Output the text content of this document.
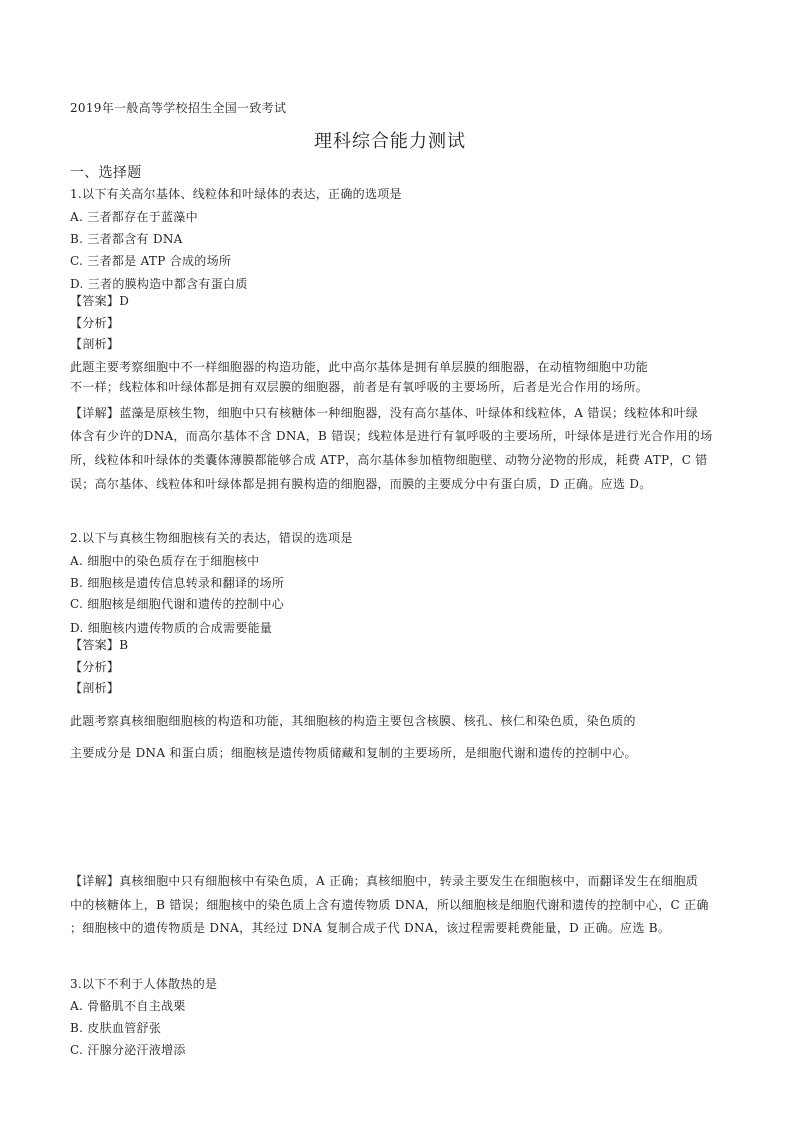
2019年一般高等学校招生全国一致考试
理科综合能力测试
一、选择题
1.以下有关高尔基体、线粒体和叶绿体的表达，正确的选项是
A. 三者都存在于蓝藻中
B. 三者都含有 DNA
C. 三者都是 ATP 合成的场所
D. 三者的膜构造中都含有蛋白质
【答案】D
【分析】
【剖析】
此题主要考察细胞中不一样细胞器的构造功能，此中高尔基体是拥有单层膜的细胞器，在动植物细胞中功能
不一样；线粒体和叶绿体都是拥有双层膜的细胞器，前者是有氧呼吸的主要场所，后者是光合作用的场所。
【详解】蓝藻是原核生物，细胞中只有核糖体一种细胞器，没有高尔基体、叶绿体和线粒体，A 错误；线粒体和叶绿
体含有少许的DNA，而高尔基体不含 DNA，B 错误；线粒体是进行有氧呼吸的主要场所，叶绿体是进行光合作用的场
所，线粒体和叶绿体的类囊体薄膜都能够合成 ATP，高尔基体参加植物细胞壁、动物分泌物的形成，耗费 ATP，C 错
误；高尔基体、线粒体和叶绿体都是拥有膜构造的细胞器，而膜的主要成分中有蛋白质，D 正确。应选 D。
2.以下与真核生物细胞核有关的表达，错误的选项是
A. 细胞中的染色质存在于细胞核中
B. 细胞核是遗传信息转录和翻译的场所
C. 细胞核是细胞代谢和遗传的控制中心
D. 细胞核内遗传物质的合成需要能量
【答案】B
【分析】
【剖析】
此题考察真核细胞细胞核的构造和功能，其细胞核的构造主要包含核膜、核孔、核仁和染色质，染色质的
主要成分是 DNA 和蛋白质；细胞核是遗传物质储藏和复制的主要场所，是细胞代谢和遗传的控制中心。
【详解】真核细胞中只有细胞核中有染色质，A 正确；真核细胞中，转录主要发生在细胞核中，而翻译发生在细胞质
中的核糖体上，B 错误；细胞核中的染色质上含有遗传物质 DNA，所以细胞核是细胞代谢和遗传的控制中心，C 正确
；细胞核中的遗传物质是 DNA，其经过 DNA 复制合成子代 DNA，该过程需要耗费能量，D 正确。应选 B。
3.以下不利于人体散热的是
A. 骨骼肌不自主战栗
B. 皮肤血管舒张
C. 汗腺分泌汗液增添
